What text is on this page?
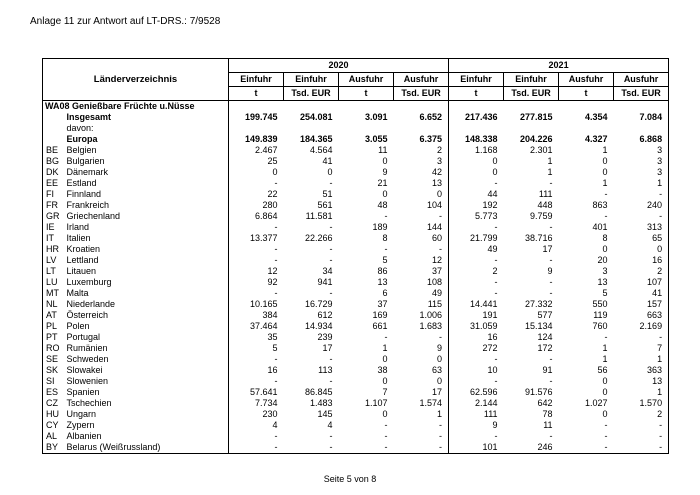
Anlage 11 zur Antwort auf LT-DRS.: 7/9528
Länderverzeichnis		2020				2021			
		Einfuhr	Einfuhr	Ausfuhr	Ausfuhr	Einfuhr	Einfuhr	Ausfuhr	Ausfuhr
		t	Tsd. EUR	t	Tsd. EUR	t	Tsd. EUR	t	Tsd. EUR
WA08 Genießbare Früchte u.Nüsse									
	Insgesamt	199.745	254.081	3.091	6.652	217.436	277.815	4.354	7.084
	davon:								
	Europa	149.839	184.365	3.055	6.375	148.338	204.226	4.327	6.868
BE	Belgien	2.467	4.564	11	2	1.168	2.301	1	3
BG	Bulgarien	25	41	0	3	0	1	0	3
DK	Dänemark	0	0	9	42	0	1	0	3
EE	Estland	-	-	21	13	-	-	1	1
FI	Finnland	22	51	0	0	44	111	-	-
FR	Frankreich	280	561	48	104	192	448	863	240
GR	Griechenland	6.864	11.581	-	-	5.773	9.759	-	-
IE	Irland	-	-	189	144	-	-	401	313
IT	Italien	13.377	22.266	8	60	21.799	38.716	8	65
HR	Kroatien	-	-	-	-	49	17	0	0
LV	Lettland	-	-	5	12	-	-	20	16
LT	Litauen	12	34	86	37	2	9	3	2
LU	Luxemburg	92	941	13	108	-	-	13	107
MT	Malta	-	-	6	49	-	-	5	41
NL	Niederlande	10.165	16.729	37	115	14.441	27.332	550	157
AT	Österreich	384	612	169	1.006	191	577	119	663
PL	Polen	37.464	14.934	661	1.683	31.059	15.134	760	2.169
PT	Portugal	35	239	-	-	16	124	-	-
RO	Rumänien	5	17	1	9	272	172	1	7
SE	Schweden	-	-	0	0	-	-	1	1
SK	Slowakei	16	113	38	63	10	91	56	363
SI	Slowenien	-	-	0	0	-	-	0	13
ES	Spanien	57.641	86.845	7	17	62.596	91.576	0	1
CZ	Tschechien	7.734	1.483	1.107	1.574	2.144	642	1.027	1.570
HU	Ungarn	230	145	0	1	111	78	0	2
CY	Zypern	4	4	-	-	9	11	-	-
AL	Albanien	-	-	-	-	-	-	-	-
BY	Belarus (Weißrussland)	-	-	-	-	101	246	-	-
Seite 5 von 8
